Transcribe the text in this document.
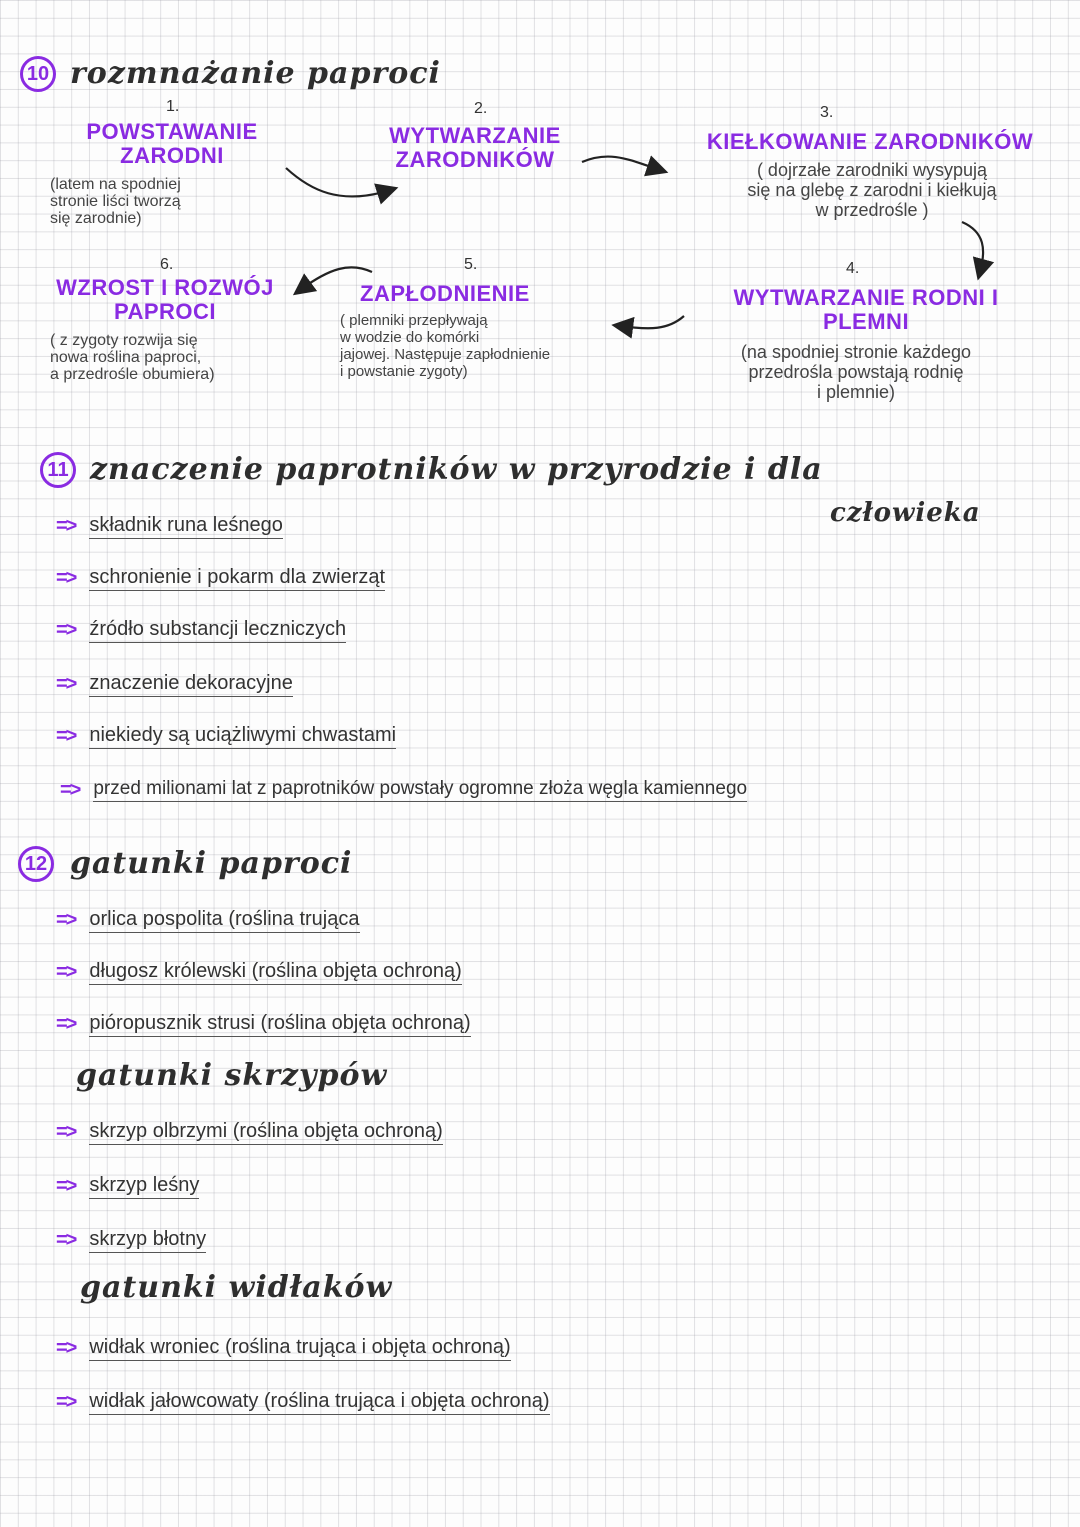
10 rozmnażanie paproci
1.
POWSTAWANIE
ZARODNI
(latem na spodniej
stronie liści tworzą
się zarodnie)
2.
WYTWARZANIE
ZARODNIKÓW
3.
KIEŁKOWANIE ZARODNIKÓW
( dojrzałe zarodniki wysypują
się na glebę z zarodni i kiełkują
w przedrośle )
6.
WZROST I ROZWÓJ
PAPROCI
( z zygoty rozwija się
nowa roślina paproci,
a przedrośle obumiera)
5.
ZAPŁODNIENIE
( plemniki przepływają
w wodzie do komórki
jajowej. Następuje zapłodnienie
i powstanie zygoty)
4.
WYTWARZANIE RODNI I
PLEMNI
(na spodniej stronie każdego
przedrośla powstają rodnię
i plemnie)
11 znaczenie paprotników w przyrodzie i dla
człowieka
=> składnik runa leśnego
=> schronienie i pokarm dla zwierząt
=> źródło substancji leczniczych
=> znaczenie dekoracyjne
=> niekiedy są uciążliwymi chwastami
=> przed milionami lat z paprotników powstały ogromne złoża węgla kamiennego
12 gatunki paproci
=> orlica pospolita (roślina trująca
=> długosz królewski (roślina objęta ochroną)
=> pióropusznik strusi (roślina objęta ochroną)
gatunki skrzypów
=> skrzyp olbrzymi (roślina objęta ochroną)
=> skrzyp leśny
=> skrzyp błotny
gatunki widłaków
=> widłak wroniec (roślina trująca i objęta ochroną)
=> widłak jałowcowaty (roślina trująca i objęta ochroną)
